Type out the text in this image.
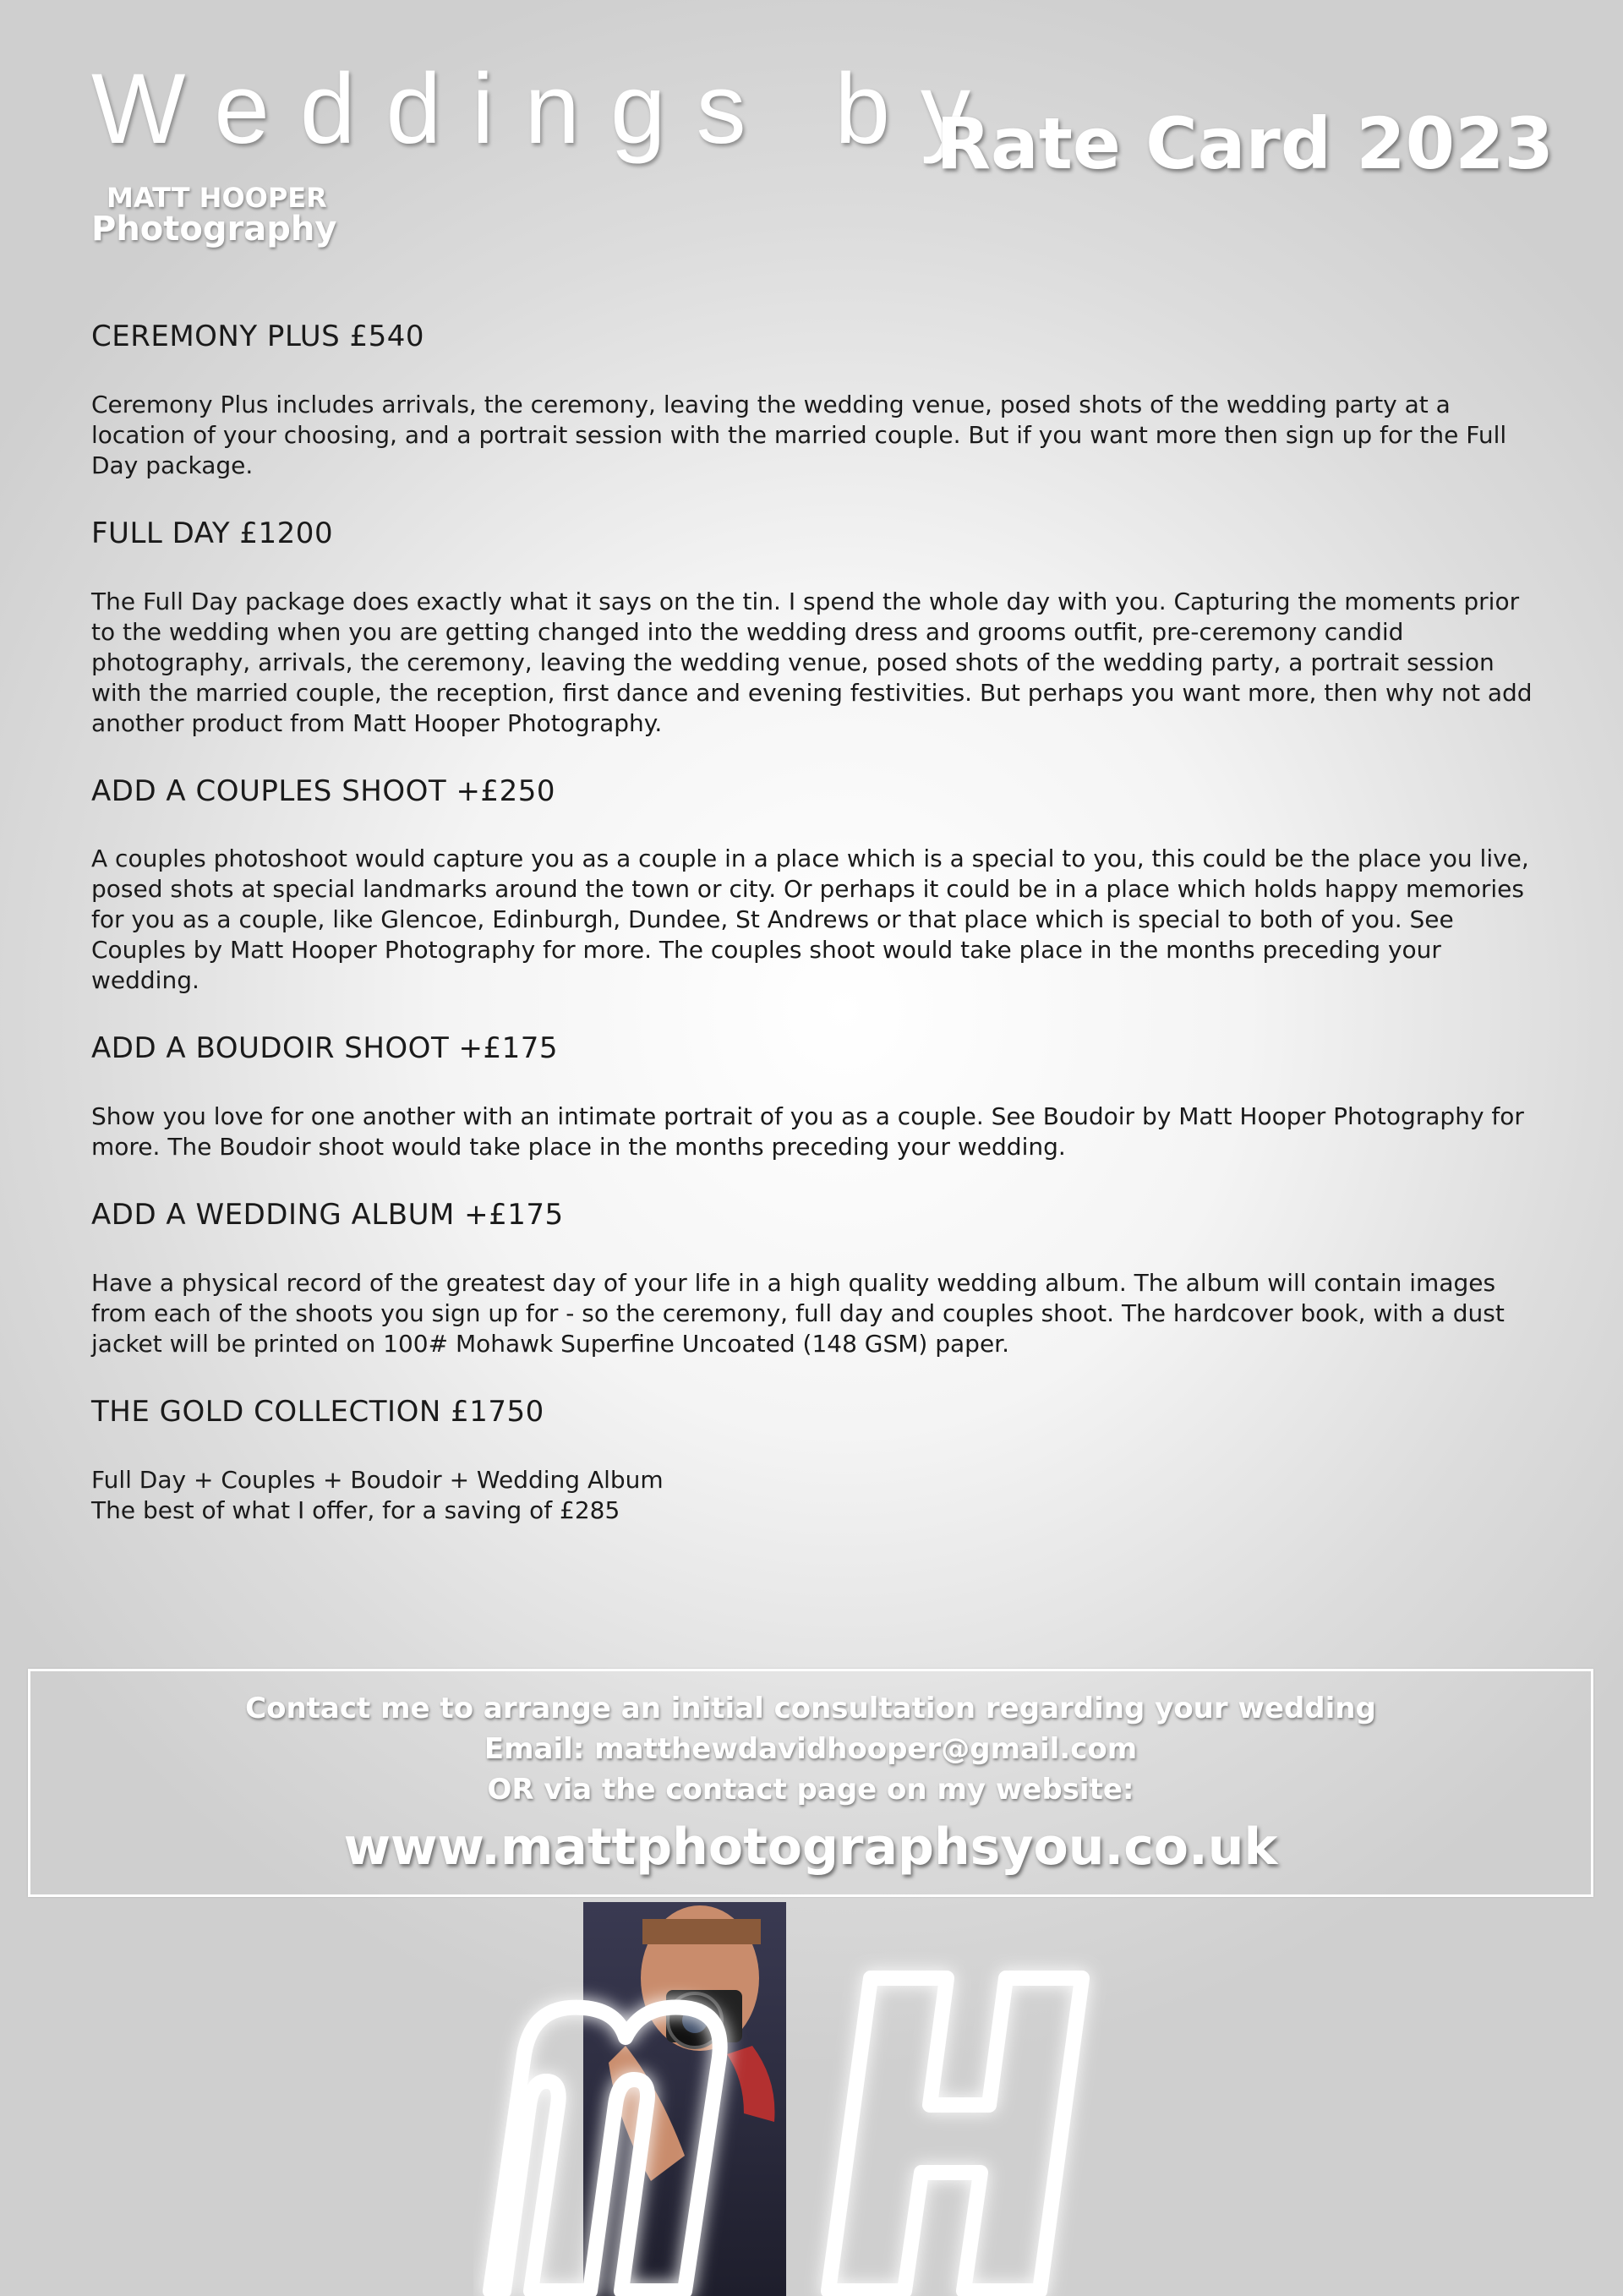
Weddings by
MATT HOOPER
Photography
Rate Card 2023
CEREMONY PLUS £540

Ceremony Plus includes arrivals, the ceremony, leaving the wedding venue, posed shots of the wedding party at a location of your choosing, and a portrait session with the married couple. But if you want more then sign up for the Full Day package.

FULL DAY £1200

The Full Day package does exactly what it says on the tin. I spend the whole day with you. Capturing the moments prior to the wedding when you are getting changed into the wedding dress and grooms outfit, pre-ceremony candid photography, arrivals, the ceremony, leaving the wedding venue, posed shots of the wedding party, a portrait session with the married couple, the reception, first dance and evening festivities. But perhaps you want more, then why not add another product from Matt Hooper Photography.

ADD A COUPLES SHOOT +£250

A couples photoshoot would capture you as a couple in a place which is a special to you, this could be the place you live, posed shots at special landmarks around the town or city. Or perhaps it could be in a place which holds happy memories for you as a couple, like Glencoe, Edinburgh, Dundee, St Andrews or that place which is special to both of you. See Couples by Matt Hooper Photography for more. The couples shoot would take place in the months preceding your wedding.

ADD A BOUDOIR SHOOT +£175

Show you love for one another with an intimate portrait of you as a couple. See Boudoir by Matt Hooper Photography for more. The Boudoir shoot would take place in the months preceding your wedding.

ADD A WEDDING ALBUM +£175

Have a physical record of the greatest day of your life in a high quality wedding album. The album will contain images from each of the shoots you sign up for - so the ceremony, full day and couples shoot. The hardcover book, with a dust jacket will be printed on 100# Mohawk Superfine Uncoated (148 GSM) paper.

THE GOLD COLLECTION £1750

Full Day + Couples + Boudoir + Wedding Album

The best of what I offer, for a saving of £285

Contact me to arrange an initial consultation regarding your wedding
Email: matthewdavidhooper@gmail.com
OR via the contact page on my website:
www.mattphotographsyou.co.uk
